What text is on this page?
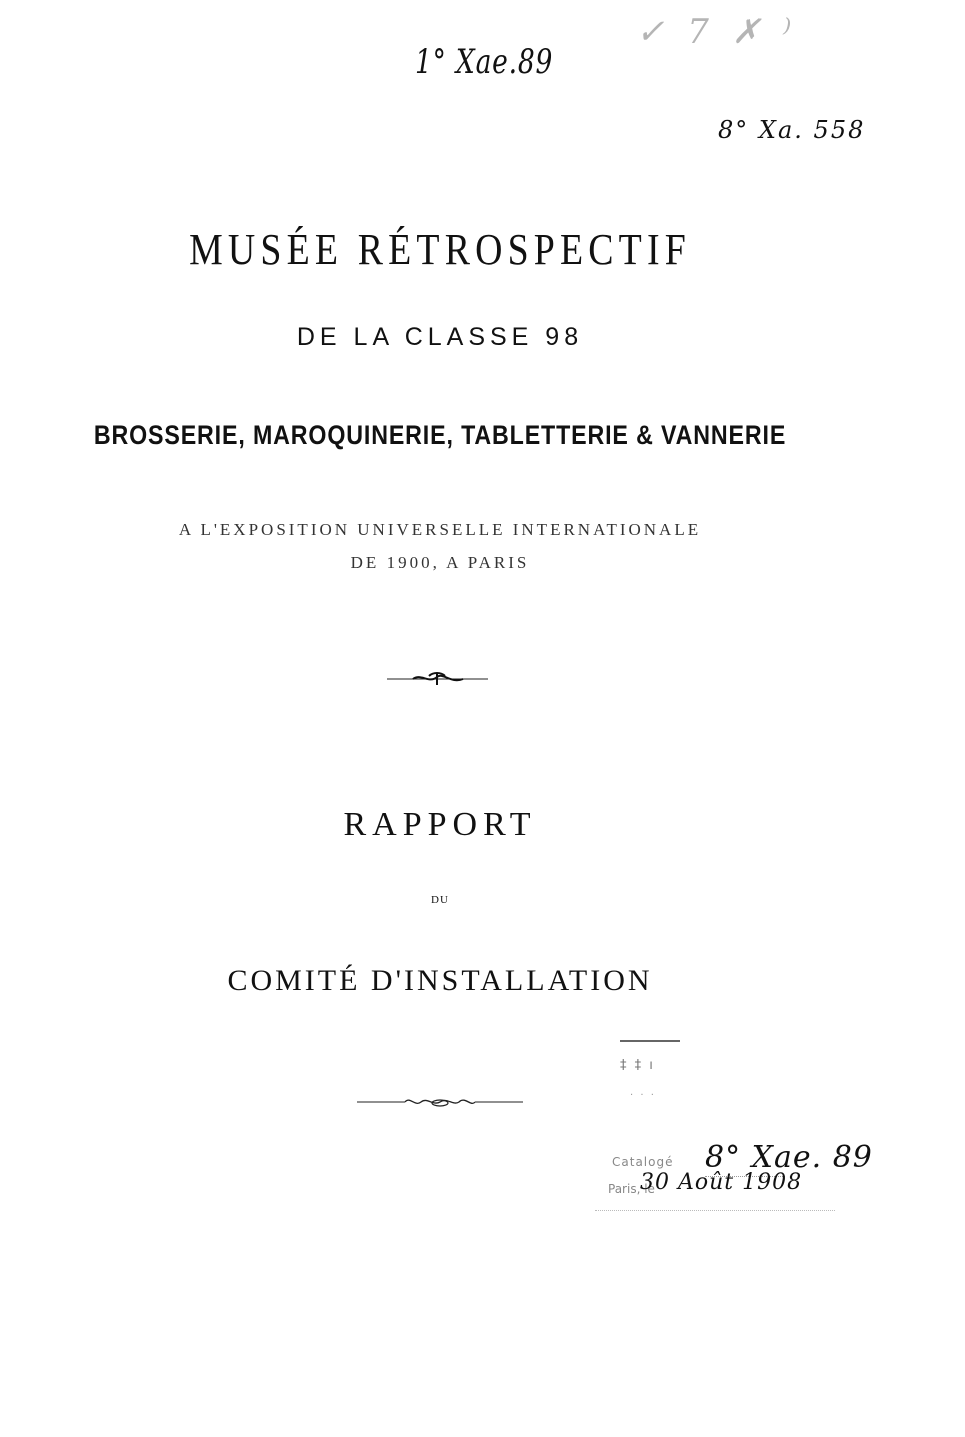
1° Xae.89
✓ 7 ✗ ⁾
8° Xa. 558
MUSÉE RÉTROSPECTIF
DE LA CLASSE 98
BROSSERIE, MAROQUINERIE, TABLETTERIE & VANNERIE
A L'EXPOSITION UNIVERSELLE INTERNATIONALE
DE 1900, A PARIS
RAPPORT
DU
COMITÉ D'INSTALLATION
‡ ‡ ı
· · ·
Catalogé 8° Xae. 89
Paris, le
30 Août 1908
